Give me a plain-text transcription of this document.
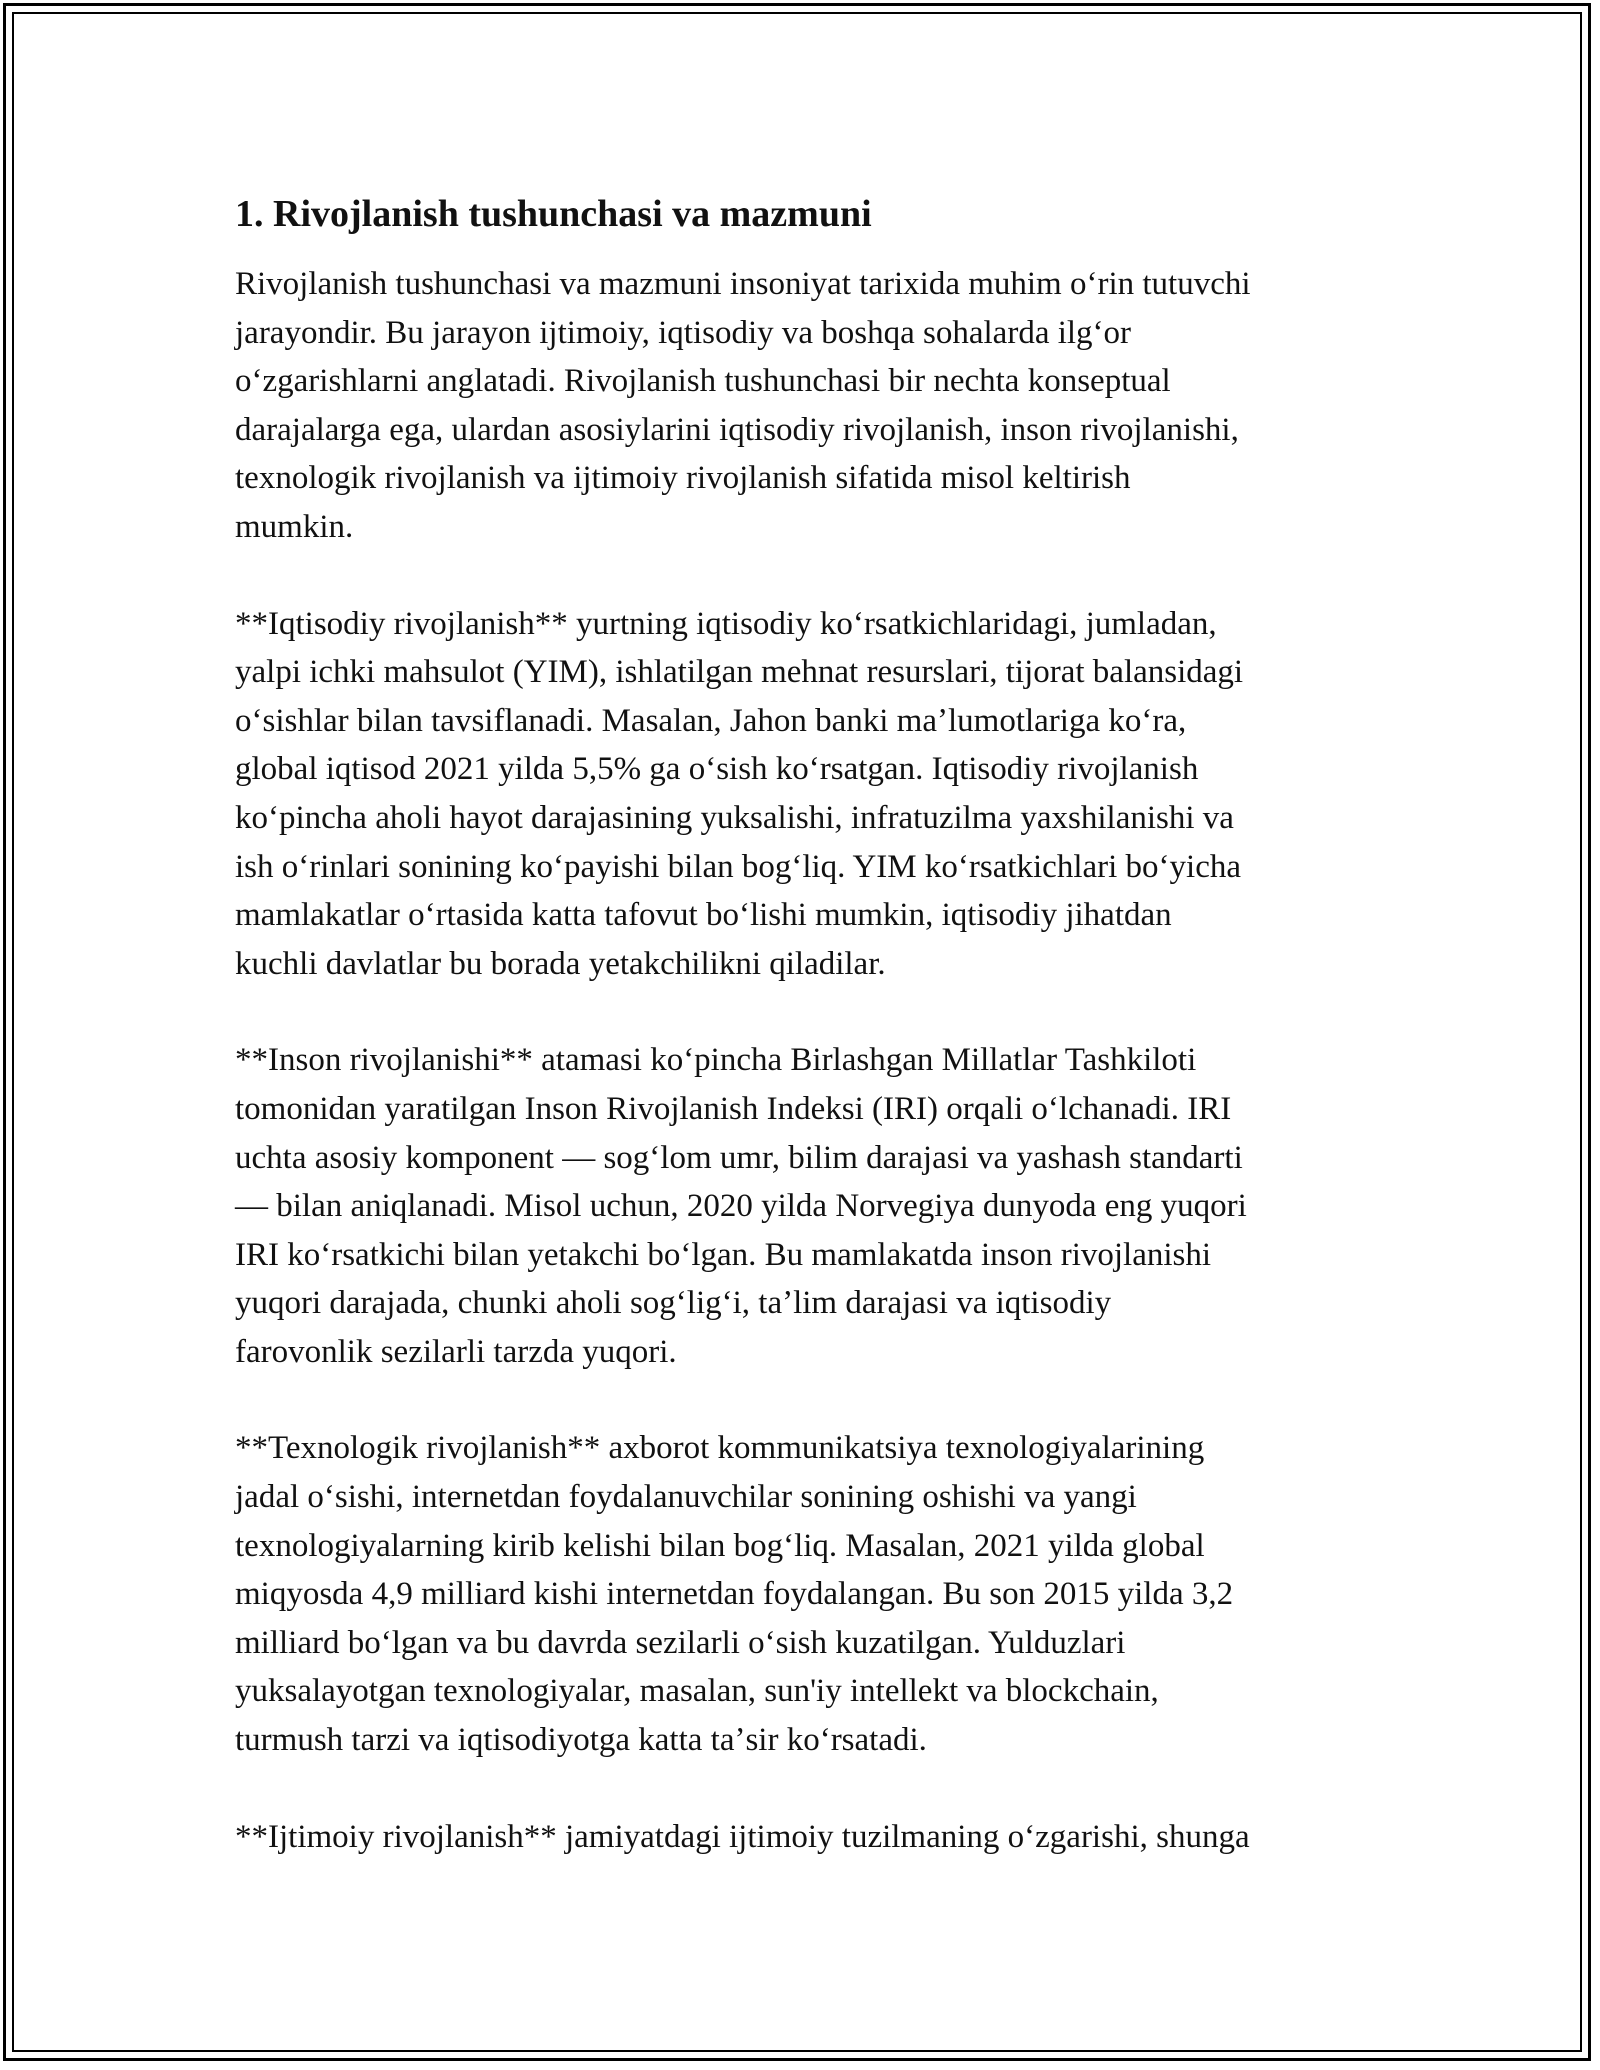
1. Rivojlanish tushunchasi va mazmuni

Rivojlanish tushunchasi va mazmuni insoniyat tarixida muhim oʻrin tutuvchi
jarayondir. Bu jarayon ijtimoiy, iqtisodiy va boshqa sohalarda ilgʻor
oʻzgarishlarni anglatadi. Rivojlanish tushunchasi bir nechta konseptual
darajalarga ega, ulardan asosiylarini iqtisodiy rivojlanish, inson rivojlanishi,
texnologik rivojlanish va ijtimoiy rivojlanish sifatida misol keltirish
mumkin.

**Iqtisodiy rivojlanish** yurtning iqtisodiy koʻrsatkichlaridagi, jumladan,
yalpi ichki mahsulot (YIM), ishlatilgan mehnat resurslari, tijorat balansidagi
oʻsishlar bilan tavsiflanadi. Masalan, Jahon banki maʼlumotlariga koʻra,
global iqtisod 2021 yilda 5,5% ga oʻsish koʻrsatgan. Iqtisodiy rivojlanish
koʻpincha aholi hayot darajasining yuksalishi, infratuzilma yaxshilanishi va
ish oʻrinlari sonining koʻpayishi bilan bogʻliq. YIM koʻrsatkichlari boʻyicha
mamlakatlar oʻrtasida katta tafovut boʻlishi mumkin, iqtisodiy jihatdan
kuchli davlatlar bu borada yetakchilikni qiladilar.

**Inson rivojlanishi** atamasi koʻpincha Birlashgan Millatlar Tashkiloti
tomonidan yaratilgan Inson Rivojlanish Indeksi (IRI) orqali oʻlchanadi. IRI
uchta asosiy komponent — sogʻlom umr, bilim darajasi va yashash standarti
— bilan aniqlanadi. Misol uchun, 2020 yilda Norvegiya dunyoda eng yuqori
IRI koʻrsatkichi bilan yetakchi boʻlgan. Bu mamlakatda inson rivojlanishi
yuqori darajada, chunki aholi sogʻligʻi, taʼlim darajasi va iqtisodiy
farovonlik sezilarli tarzda yuqori.

**Texnologik rivojlanish** axborot kommunikatsiya texnologiyalarining
jadal oʻsishi, internetdan foydalanuvchilar sonining oshishi va yangi
texnologiyalarning kirib kelishi bilan bogʻliq. Masalan, 2021 yilda global
miqyosda 4,9 milliard kishi internetdan foydalangan. Bu son 2015 yilda 3,2
milliard boʻlgan va bu davrda sezilarli oʻsish kuzatilgan. Yulduzlari
yuksalayotgan texnologiyalar, masalan, sun'iy intellekt va blockchain,
turmush tarzi va iqtisodiyotga katta taʼsir koʻrsatadi.

**Ijtimoiy rivojlanish** jamiyatdagi ijtimoiy tuzilmaning oʻzgarishi, shunga
